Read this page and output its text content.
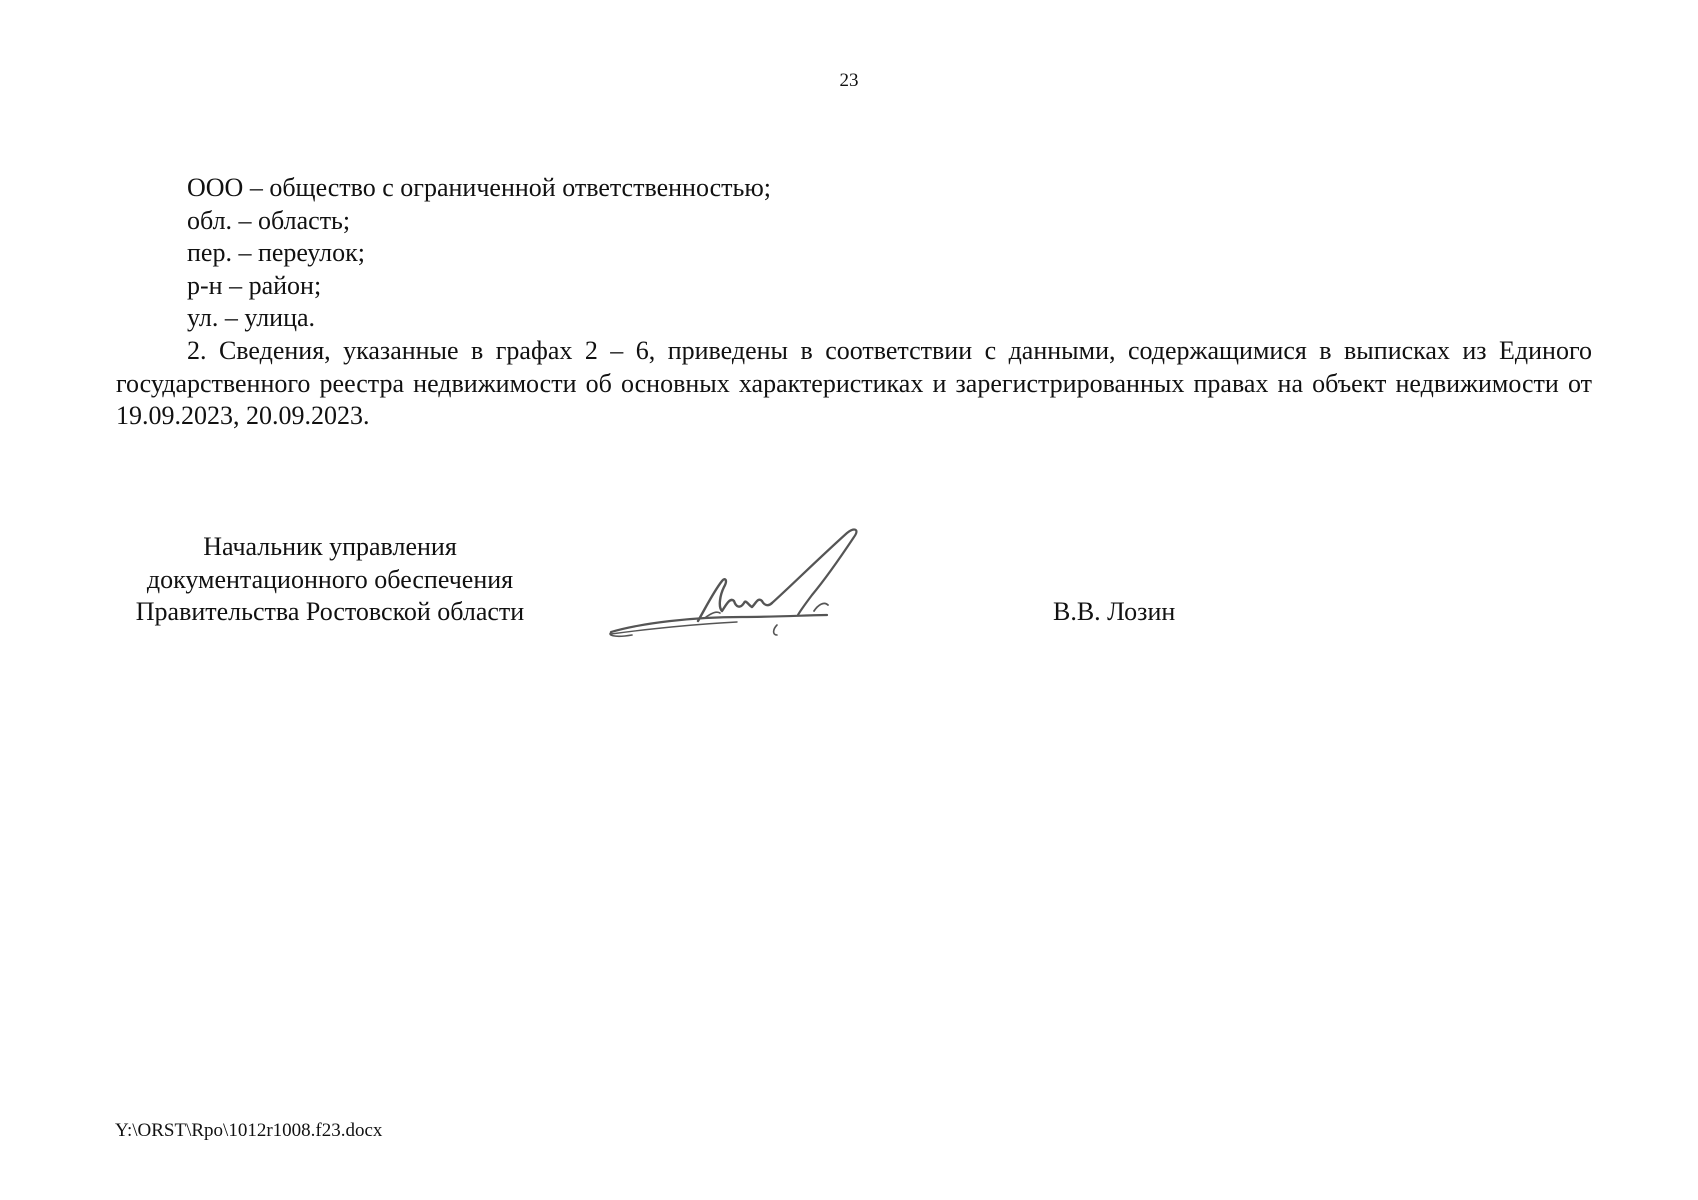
23
ООО – общество с ограниченной ответственностью;
обл. – область;
пер. – переулок;
р-н – район;
ул. – улица.
2. Сведения, указанные в графах 2 – 6, приведены в соответствии с данными, содержащимися в выписках из Единого государственного реестра недвижимости об основных характеристиках и зарегистрированных правах на объект недвижимости от 19.09.2023, 20.09.2023.
Начальник управления
документационного обеспечения
Правительства Ростовской области	В.В. Лозин
Y:\ORST\Rpo\1012r1008.f23.docx
